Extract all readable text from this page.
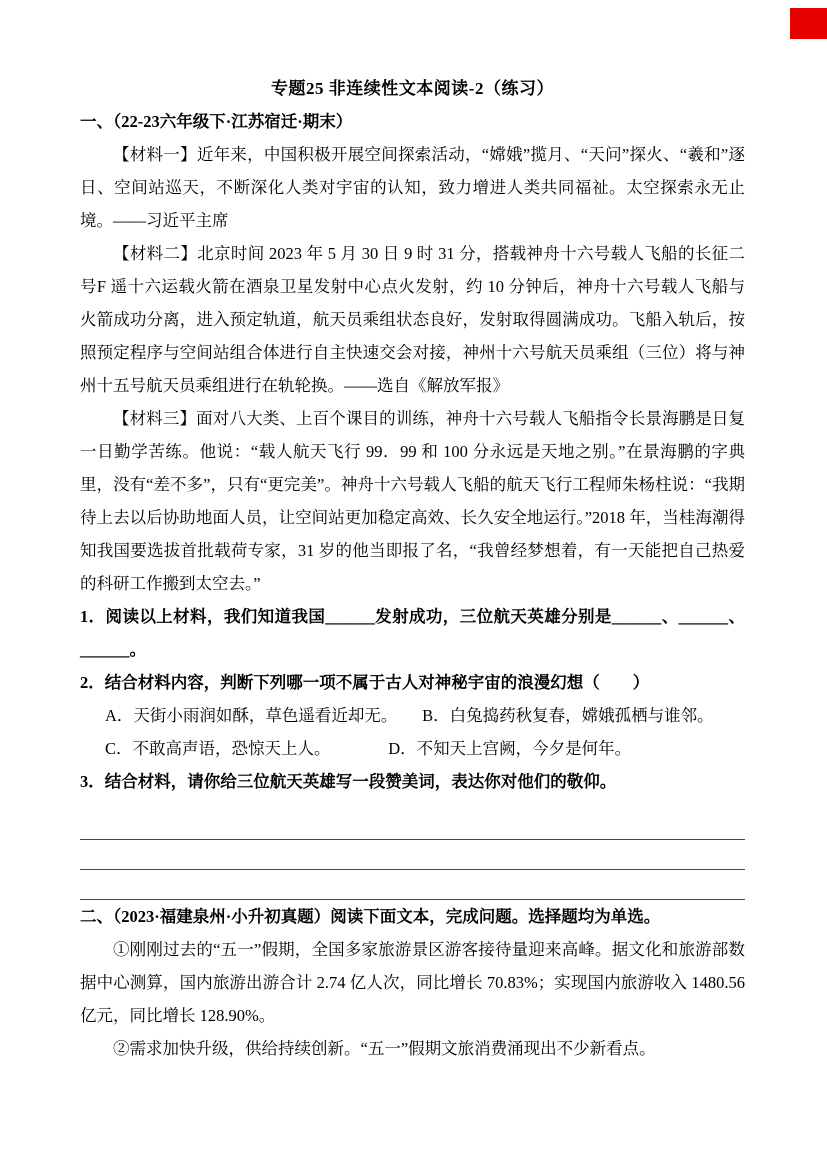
专题25 非连续性文本阅读-2（练习）
一、（22-23六年级下·江苏宿迁·期末）

【材料一】近年来，中国积极开展空间探索活动，“嫦娥”揽月、“天问”探火、“羲和”逐日、空间站巡天，不断深化人类对宇宙的认知，致力增进人类共同福祉。太空探索永无止境。——习近平主席

【材料二】北京时间 2023 年 5 月 30 日 9 时 31 分，搭载神舟十六号载人飞船的长征二号F 遥十六运载火箭在酒泉卫星发射中心点火发射，约 10 分钟后，神舟十六号载人飞船与火箭成功分离，进入预定轨道，航天员乘组状态良好，发射取得圆满成功。飞船入轨后，按照预定程序与空间站组合体进行自主快速交会对接，神州十六号航天员乘组（三位）将与神州十五号航天员乘组进行在轨轮换。——选自《解放军报》

【材料三】面对八大类、上百个课目的训练，神舟十六号载人飞船指令长景海鹏是日复一日勤学苦练。他说：“载人航天飞行 99．99 和 100 分永远是天地之别。”在景海鹏的字典里，没有“差不多”，只有“更完美”。神舟十六号载人飞船的航天飞行工程师朱杨柱说：“我期待上去以后协助地面人员，让空间站更加稳定高效、长久安全地运行。”2018 年，当桂海潮得知我国要选拔首批载荷专家，31 岁的他当即报了名，“我曾经梦想着，有一天能把自己热爱的科研工作搬到太空去。”

1．阅读以上材料，我们知道我国______发射成功，三位航天英雄分别是______、______、______。

2．结合材料内容，判断下列哪一项不属于古人对神秘宇宙的浪漫幻想（　　）

A．天街小雨润如酥，草色遥看近却无。　　B．白兔捣药秋复春，嫦娥孤栖与谁邻。

C．不敢高声语，恐惊天上人。　　　　D．不知天上宫阙，今夕是何年。

3．结合材料，请你给三位航天英雄写一段赞美词，表达你对他们的敬仰。

二、（2023·福建泉州·小升初真题）阅读下面文本，完成问题。选择题均为单选。

①刚刚过去的“五一”假期，全国多家旅游景区游客接待量迎来高峰。据文化和旅游部数据中心测算，国内旅游出游合计 2.74 亿人次，同比增长 70.83%；实现国内旅游收入 1480.56 亿元，同比增长 128.90%。

②需求加快升级，供给持续创新。“五一”假期文旅消费涌现出不少新看点。
